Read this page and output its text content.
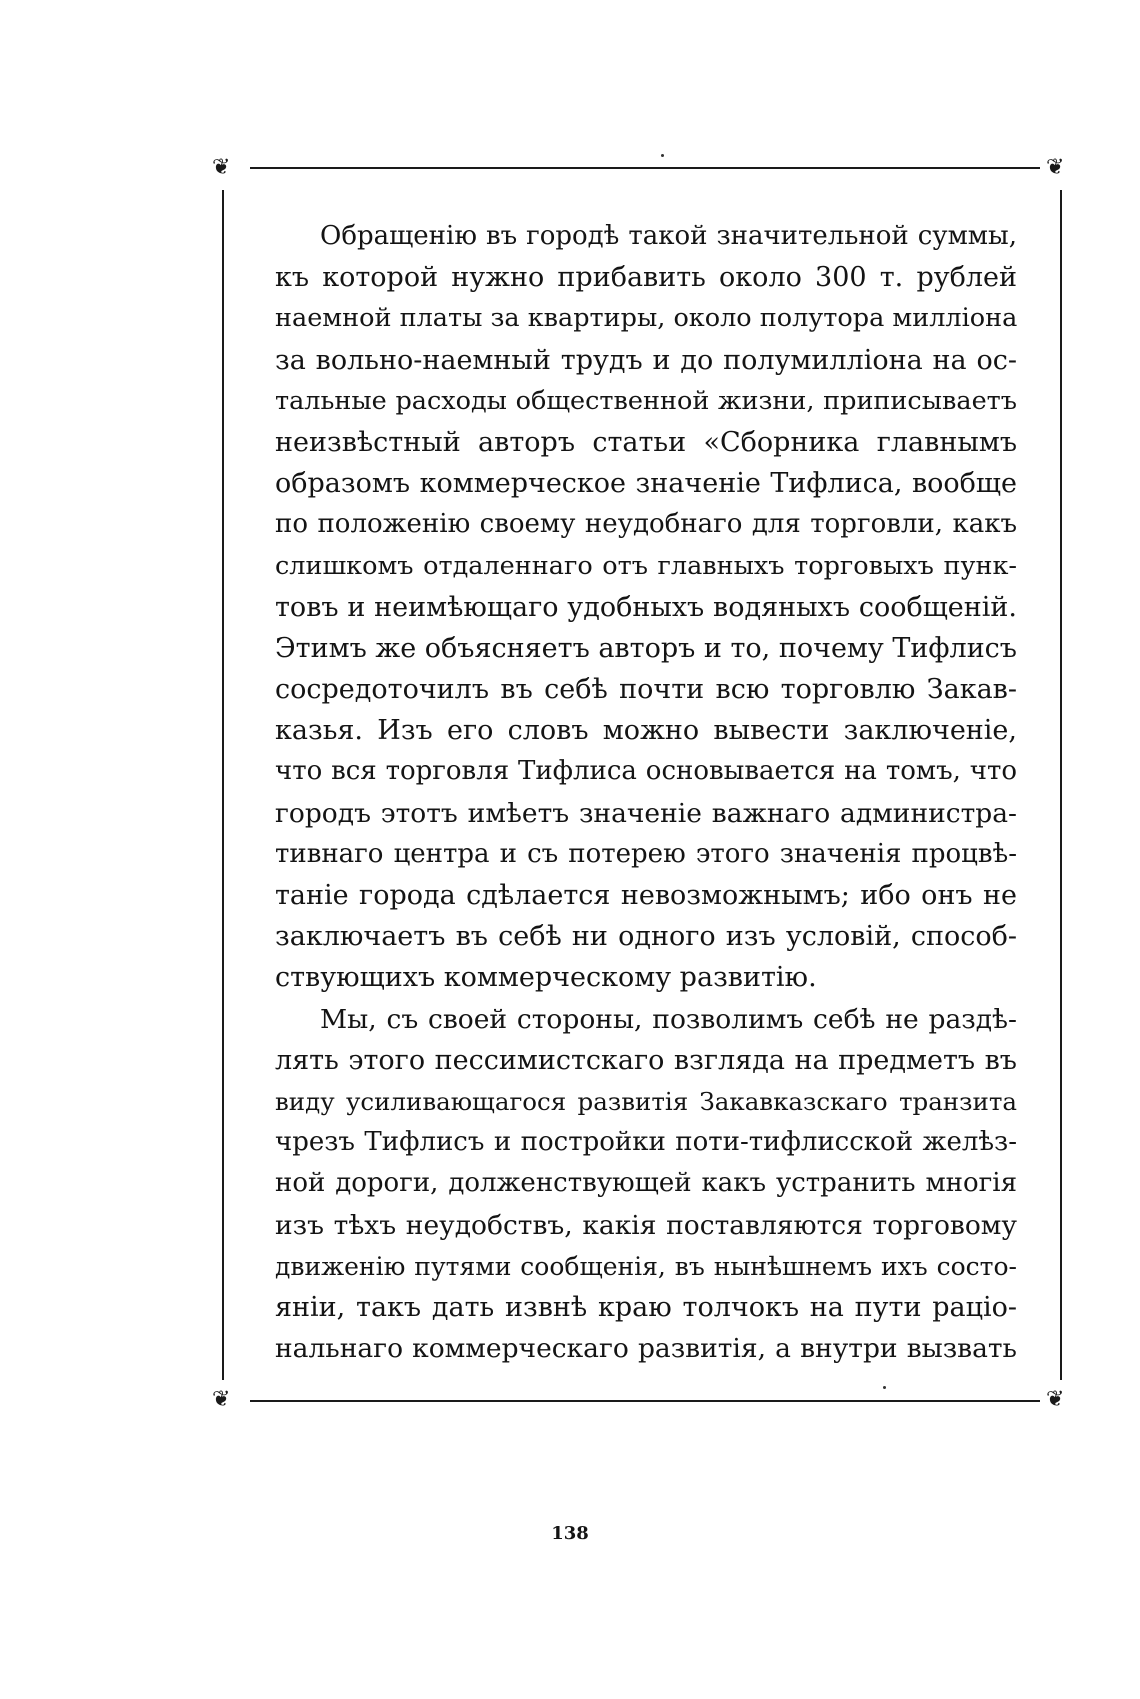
❦	❦
❦	❦
Обращенію въ городѣ такой значительной суммы,
къ которой нужно прибавить около 300 т. рублей
наемной платы за квартиры, около полутора милліона
за вольно-наемный трудъ и до полумилліона на ос-
тальные расходы общественной жизни, приписываетъ
неизвѣстный авторъ статьи «Сборника главнымъ
образомъ коммерческое значеніе Тифлиса, вообще
по положенію своему неудобнаго для торговли, какъ
слишкомъ отдаленнаго отъ главныхъ торговыхъ пунк-
товъ и неимѣющаго удобныхъ водяныхъ сообщеній.
Этимъ же объясняетъ авторъ и то, почему Тифлисъ
сосредоточилъ въ себѣ почти всю торговлю Закав-
казья. Изъ его словъ можно вывести заключеніе,
что вся торговля Тифлиса основывается на томъ, что
городъ этотъ имѣетъ значеніе важнаго администра-
тивнаго центра и съ потерею этого значенія процвѣ-
таніе города сдѣлается невозможнымъ; ибо онъ не
заключаетъ въ себѣ ни одного изъ условій, способ-
ствующихъ коммерческому развитію.
Мы, съ своей стороны, позволимъ себѣ не раздѣ-
лять этого пессимистскаго взгляда на предметъ въ
виду усиливающагося развитія Закавказскаго транзита
чрезъ Тифлисъ и постройки поти-тифлисской желѣз-
ной дороги, долженствующей какъ устранить многія
изъ тѣхъ неудобствъ, какія поставляются торговому
движенію путями сообщенія, въ нынѣшнемъ ихъ состо-
яніи, такъ дать извнѣ краю толчокъ на пути раціо-
нальнаго коммерческаго развитія, а внутри вызвать
138
